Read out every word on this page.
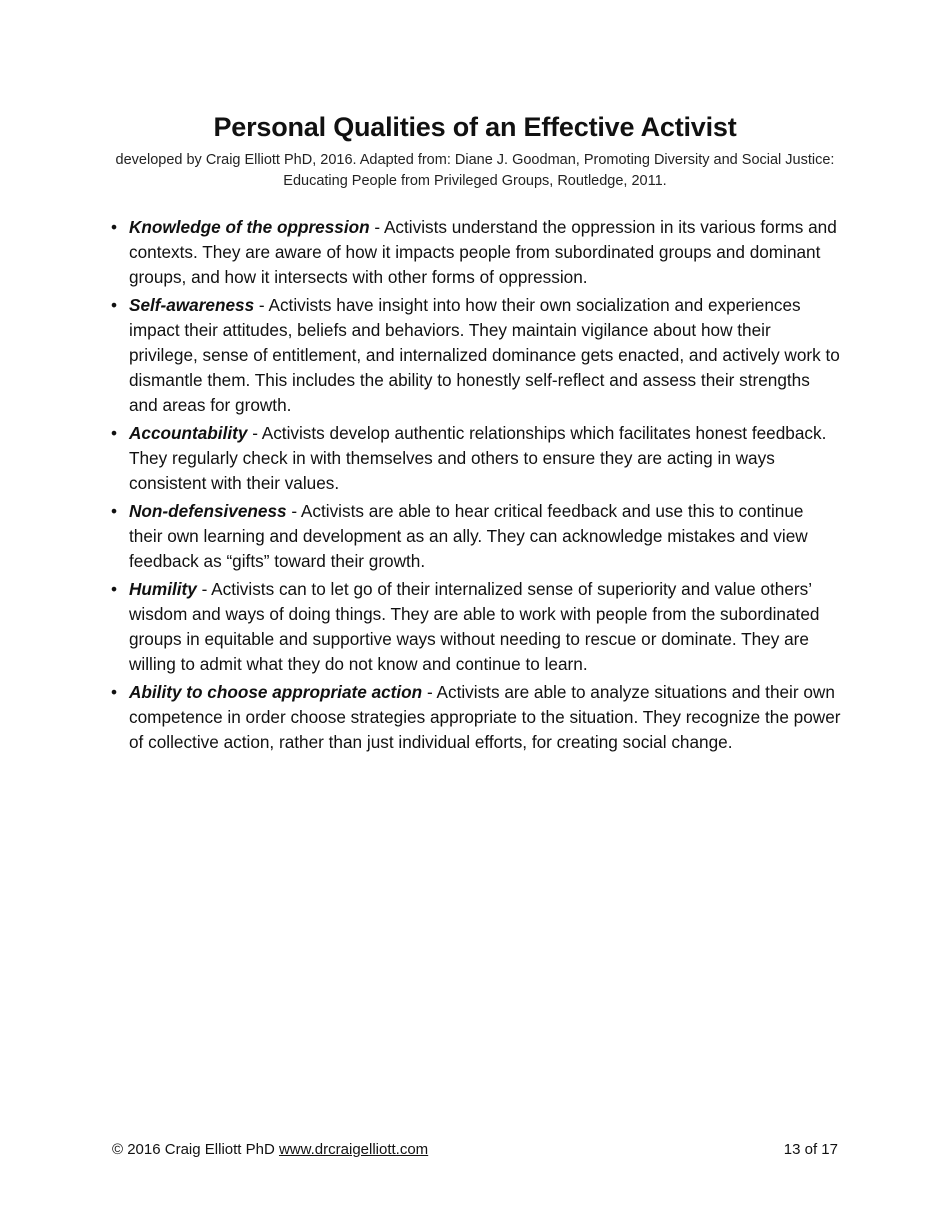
Personal Qualities of an Effective Activist

developed by Craig Elliott PhD, 2016. Adapted from: Diane J. Goodman, Promoting Diversity and Social Justice: Educating People from Privileged Groups, Routledge, 2011.

• Knowledge of the oppression - Activists understand the oppression in its various forms and contexts. They are aware of how it impacts people from subordinated groups and dominant groups, and how it intersects with other forms of oppression.
• Self-awareness - Activists have insight into how their own socialization and experiences impact their attitudes, beliefs and behaviors. They maintain vigilance about how their privilege, sense of entitlement, and internalized dominance gets enacted, and actively work to dismantle them. This includes the ability to honestly self-reflect and assess their strengths and areas for growth.
• Accountability - Activists develop authentic relationships which facilitates honest feedback. They regularly check in with themselves and others to ensure they are acting in ways consistent with their values.
• Non-defensiveness - Activists are able to hear critical feedback and use this to continue their own learning and development as an ally. They can acknowledge mistakes and view feedback as “gifts” toward their growth.
• Humility - Activists can to let go of their internalized sense of superiority and value others’ wisdom and ways of doing things. They are able to work with people from the subordinated groups in equitable and supportive ways without needing to rescue or dominate. They are willing to admit what they do not know and continue to learn.
• Ability to choose appropriate action - Activists are able to analyze situations and their own competence in order choose strategies appropriate to the situation. They recognize the power of collective action, rather than just individual efforts, for creating social change.
© 2016 Craig Elliott PhD www.drcraigelliott.com	13 of 17
